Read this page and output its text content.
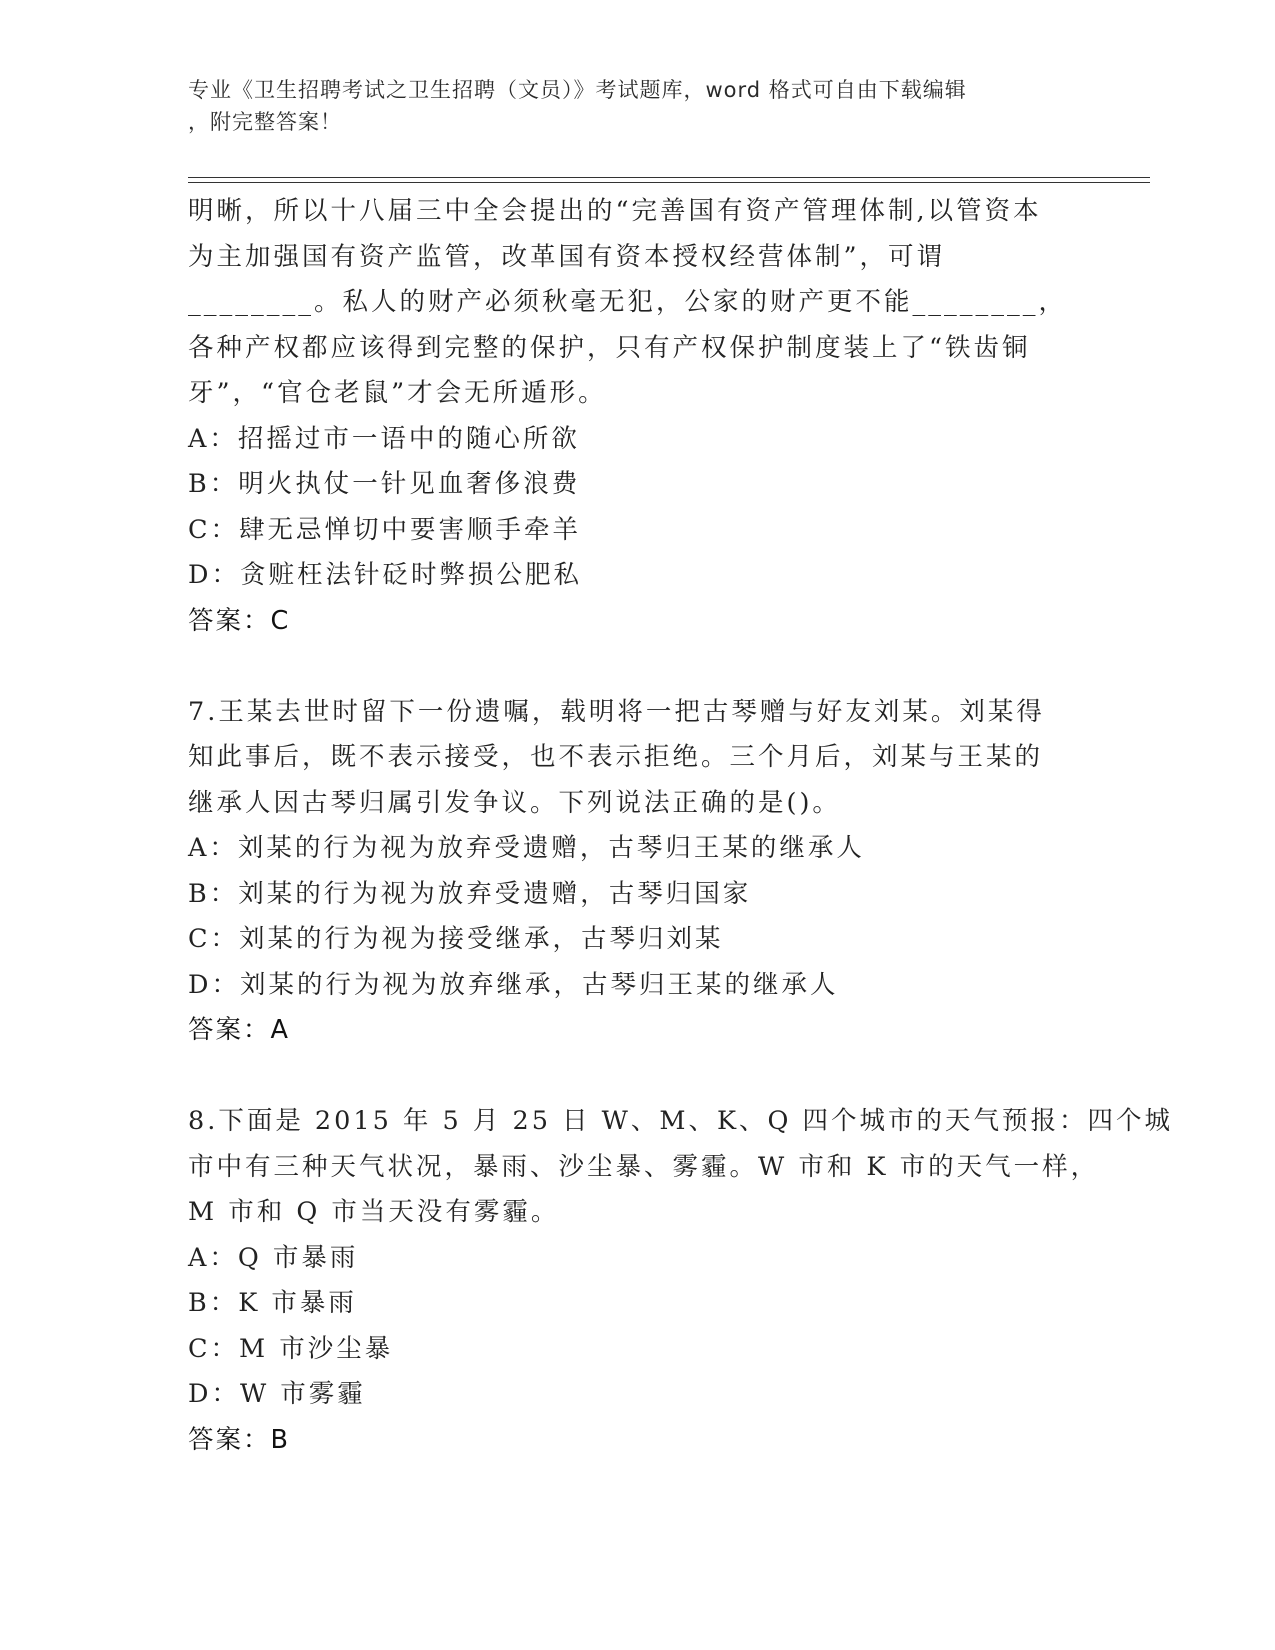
专业《卫生招聘考试之卫生招聘（文员）》考试题库，word 格式可自由下载编辑
，附完整答案！
明晰，所以十八届三中全会提出的“完善国有资产管理体制,以管资本
为主加强国有资产监管，改革国有资本授权经营体制”，可谓
________。私人的财产必须秋毫无犯，公家的财产更不能________，
各种产权都应该得到完整的保护，只有产权保护制度装上了“铁齿铜
牙”，“官仓老鼠”才会无所遁形。
A：招摇过市一语中的随心所欲
B：明火执仗一针见血奢侈浪费
C：肆无忌惮切中要害顺手牵羊
D：贪赃枉法针砭时弊损公肥私
答案：C
7.王某去世时留下一份遗嘱，载明将一把古琴赠与好友刘某。刘某得
知此事后，既不表示接受，也不表示拒绝。三个月后，刘某与王某的
继承人因古琴归属引发争议。下列说法正确的是()。
A：刘某的行为视为放弃受遗赠，古琴归王某的继承人
B：刘某的行为视为放弃受遗赠，古琴归国家
C：刘某的行为视为接受继承，古琴归刘某
D：刘某的行为视为放弃继承，古琴归王某的继承人
答案：A
8.下面是 2015 年 5 月 25 日 W、M、K、Q 四个城市的天气预报：四个城
市中有三种天气状况，暴雨、沙尘暴、雾霾。W 市和 K 市的天气一样，
M 市和 Q 市当天没有雾霾。
A：Q 市暴雨
B：K 市暴雨
C：M 市沙尘暴
D：W 市雾霾
答案：B
